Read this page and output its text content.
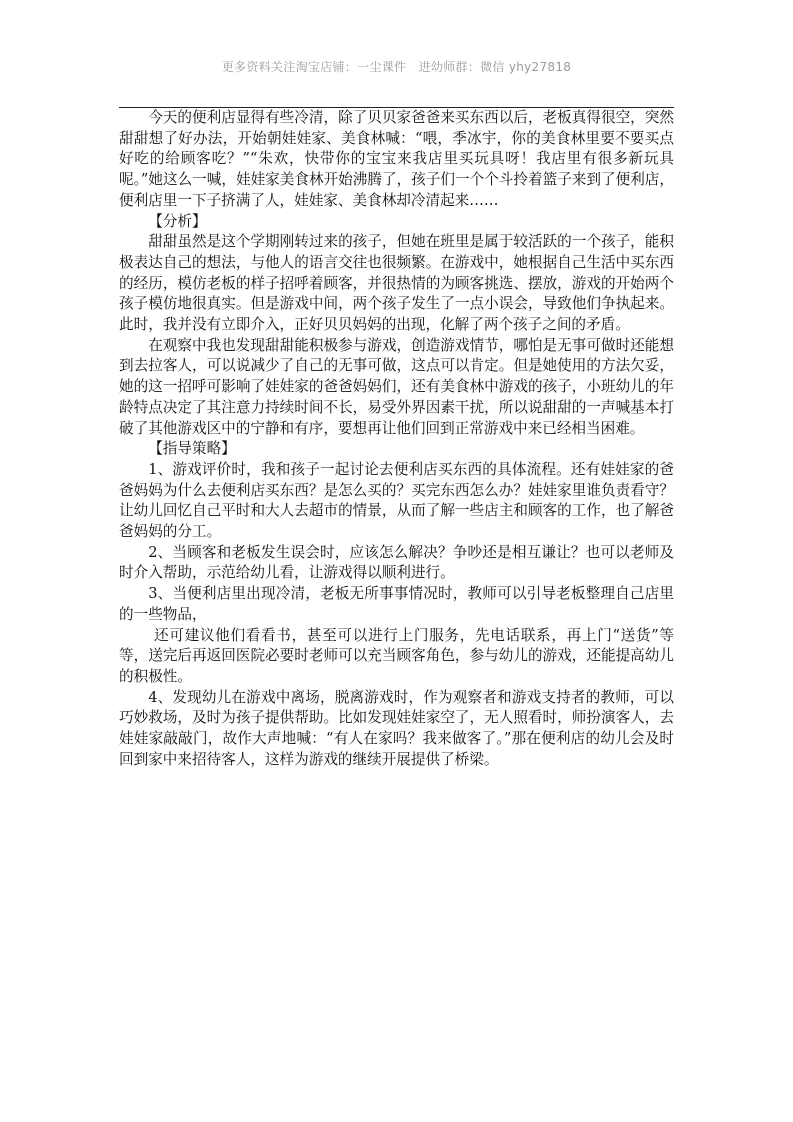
更多资料关注淘宝店铺：一尘课件　进幼师群：微信 yhy27818

今天的便利店显得有些冷清，除了贝贝家爸爸来买东西以后，老板真得很空，突然甜甜想了好办法，开始朝娃娃家、美食林喊：“喂，季冰宇，你的美食林里要不要买点好吃的给顾客吃？”“朱欢，快带你的宝宝来我店里买玩具呀！我店里有很多新玩具呢。”她这么一喊，娃娃家美食林开始沸腾了，孩子们一个个斗拎着篮子来到了便利店，便利店里一下子挤满了人，娃娃家、美食林却冷清起来……

【分析】

甜甜虽然是这个学期刚转过来的孩子，但她在班里是属于较活跃的一个孩子，能积极表达自己的想法，与他人的语言交往也很频繁。在游戏中，她根据自己生活中买东西的经历，模仿老板的样子招呼着顾客，并很热情的为顾客挑选、摆放，游戏的开始两个孩子模仿地很真实。但是游戏中间，两个孩子发生了一点小误会，导致他们争执起来。此时，我并没有立即介入，正好贝贝妈妈的出现，化解了两个孩子之间的矛盾。

在观察中我也发现甜甜能积极参与游戏，创造游戏情节，哪怕是无事可做时还能想到去拉客人，可以说减少了自己的无事可做，这点可以肯定。但是她使用的方法欠妥，她的这一招呼可影响了娃娃家的爸爸妈妈们，还有美食林中游戏的孩子，小班幼儿的年龄特点决定了其注意力持续时间不长，易受外界因素干扰，所以说甜甜的一声喊基本打破了其他游戏区中的宁静和有序，要想再让他们回到正常游戏中来已经相当困难。

【指导策略】

1、游戏评价时，我和孩子一起讨论去便利店买东西的具体流程。还有娃娃家的爸爸妈妈为什么去便利店买东西？是怎么买的？买完东西怎么办？娃娃家里谁负责看守？让幼儿回忆自己平时和大人去超市的情景，从而了解一些店主和顾客的工作，也了解爸爸妈妈的分工。

2、当顾客和老板发生误会时，应该怎么解决？争吵还是相互谦让？也可以老师及时介入帮助，示范给幼儿看，让游戏得以顺利进行。

3、当便利店里出现冷清，老板无所事事情况时，教师可以引导老板整理自己店里的一些物品，

还可建议他们看看书，甚至可以进行上门服务，先电话联系，再上门“送货”等等，送完后再返回医院必要时老师可以充当顾客角色，参与幼儿的游戏，还能提高幼儿的积极性。

4、发现幼儿在游戏中离场，脱离游戏时，作为观察者和游戏支持者的教师，可以巧妙救场，及时为孩子提供帮助。比如发现娃娃家空了，无人照看时，师扮演客人，去娃娃家敲敲门，故作大声地喊：“有人在家吗？我来做客了。”那在便利店的幼儿会及时回到家中来招待客人，这样为游戏的继续开展提供了桥梁。
